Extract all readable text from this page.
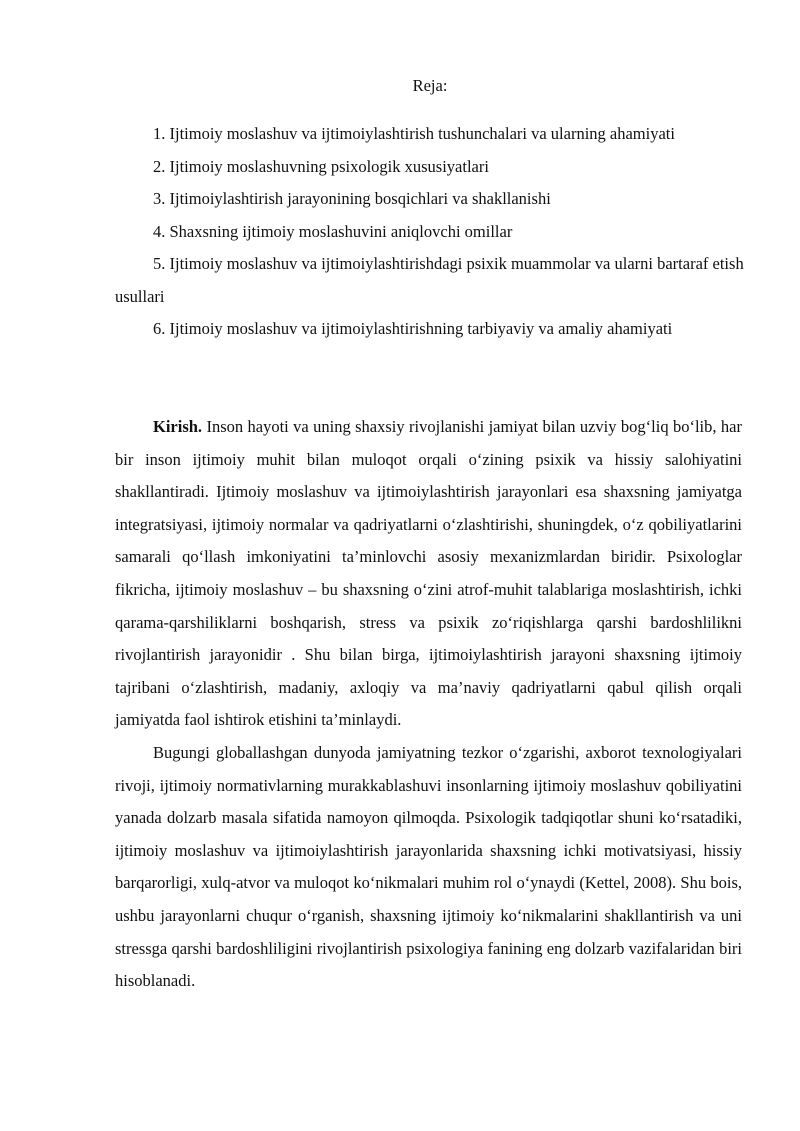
Reja:

1. Ijtimoiy moslashuv va ijtimoiylashtirish tushunchalari va ularning ahamiyati

2. Ijtimoiy moslashuvning psixologik xususiyatlari

3. Ijtimoiylashtirish jarayonining bosqichlari va shakllanishi

4. Shaxsning ijtimoiy moslashuvini aniqlovchi omillar

5. Ijtimoiy moslashuv va ijtimoiylashtirishdagi psixik muammolar va ularni bartaraf etish usullari

6. Ijtimoiy moslashuv va ijtimoiylashtirishning tarbiyaviy va amaliy ahamiyati

Kirish. Inson hayoti va uning shaxsiy rivojlanishi jamiyat bilan uzviy bog‘liq bo‘lib, har bir inson ijtimoiy muhit bilan muloqot orqali o‘zining psixik va hissiy salohiyatini shakllantiradi. Ijtimoiy moslashuv va ijtimoiylashtirish jarayonlari esa shaxsning jamiyatga integratsiyasi, ijtimoiy normalar va qadriyatlarni o‘zlashtirishi, shuningdek, o‘z qobiliyatlarini samarali qo‘llash imkoniyatini ta’minlovchi asosiy mexanizmlardan biridir. Psixologlar fikricha, ijtimoiy moslashuv – bu shaxsning o‘zini atrof-muhit talablariga moslashtirish, ichki qarama-qarshiliklarni boshqarish, stress va psixik zo‘riqishlarga qarshi bardoshlilikni rivojlantirish jarayonidir . Shu bilan birga, ijtimoiylashtirish jarayoni shaxsning ijtimoiy tajribani o‘zlashtirish, madaniy, axloqiy va ma’naviy qadriyatlarni qabul qilish orqali jamiyatda faol ishtirok etishini ta’minlaydi.

Bugungi globallashgan dunyoda jamiyatning tezkor o‘zgarishi, axborot texnologiyalari rivoji, ijtimoiy normativlarning murakkablashuvi insonlarning ijtimoiy moslashuv qobiliyatini yanada dolzarb masala sifatida namoyon qilmoqda. Psixologik tadqiqotlar shuni ko‘rsatadiki, ijtimoiy moslashuv va ijtimoiylashtirish jarayonlarida shaxsning ichki motivatsiyasi, hissiy barqarorligi, xulq-atvor va muloqot ko‘nikmalari muhim rol o‘ynaydi (Kettel, 2008). Shu bois, ushbu jarayonlarni chuqur o‘rganish, shaxsning ijtimoiy ko‘nikmalarini shakllantirish va uni stressga qarshi bardoshliligini rivojlantirish psixologiya fanining eng dolzarb vazifalaridan biri hisoblanadi.
